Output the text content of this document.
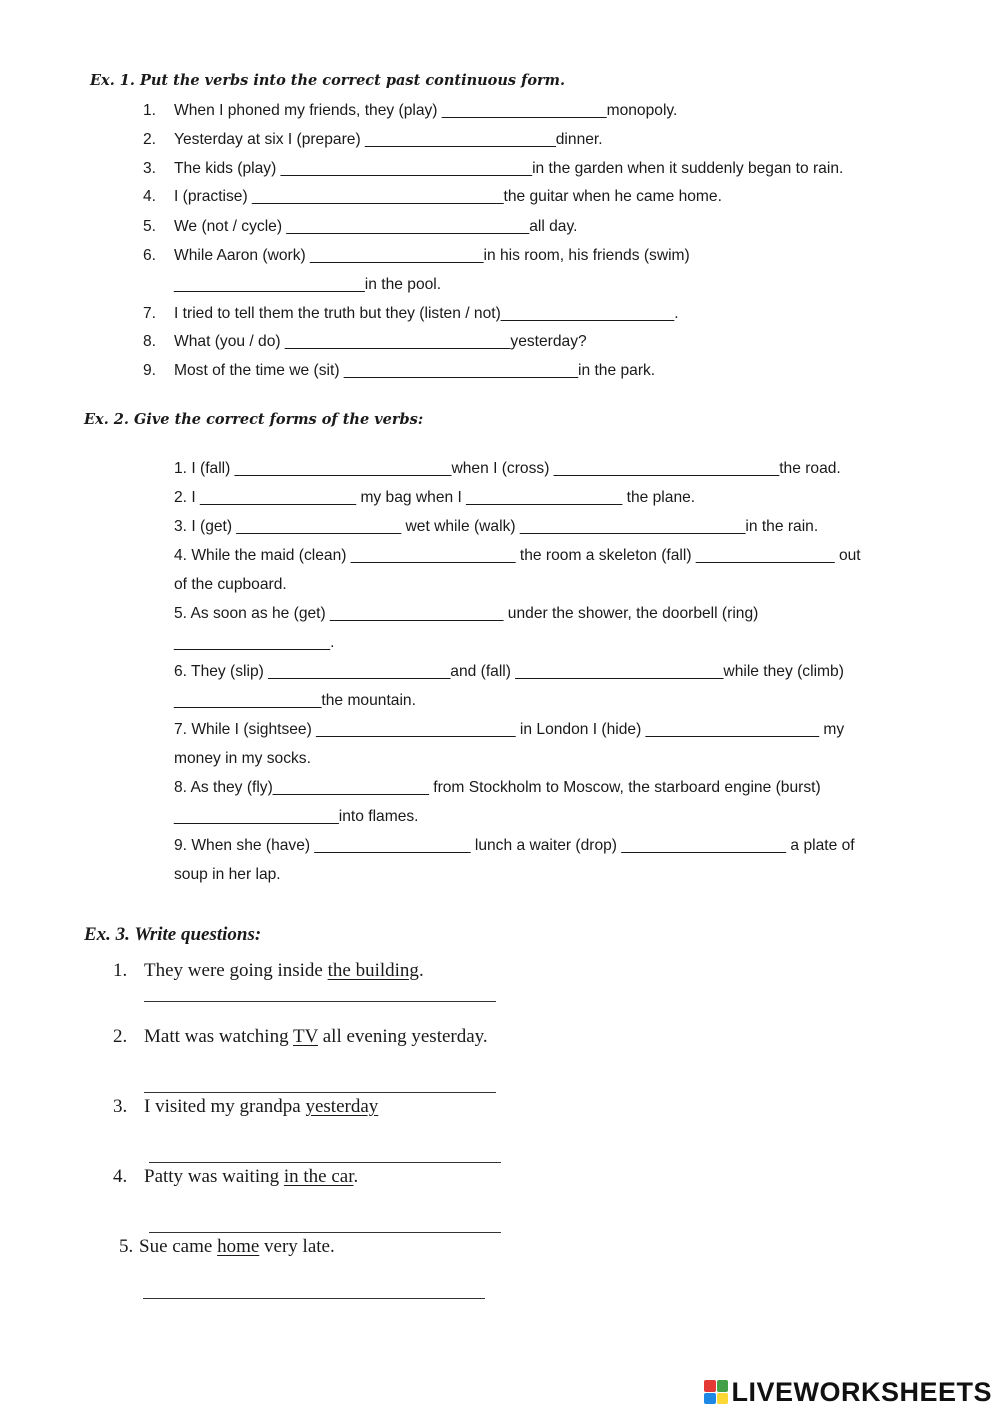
Ex. 1. Put the verbs into the correct past continuous form.
1. When I phoned my friends, they (play) ___________________monopoly.
2. Yesterday at six I (prepare) ______________________dinner.
3. The kids (play) _____________________________in the garden when it suddenly began to rain.
4. I (practise) _____________________________the guitar when he came home.
5. We (not / cycle) ____________________________all day.
6. While Aaron (work) ____________________in his room, his friends (swim)
______________________in the pool.
7. I tried to tell them the truth but they (listen / not)____________________.
8. What (you / do) __________________________yesterday?
9. Most of the time we (sit) ___________________________in the park.
Ex. 2. Give the correct forms of the verbs:
1. I (fall) _________________________when I (cross) __________________________the road.
2. I __________________ my bag when I __________________ the plane.
3. I (get) ___________________ wet while (walk) __________________________in the rain.
4. While the maid (clean) ___________________ the room a skeleton (fall) ________________ out
of the cupboard.
5. As soon as he (get) ____________________ under the shower, the doorbell (ring)
__________________.
6. They (slip) _____________________and (fall) ________________________while they (climb)
_________________the mountain.
7. While I (sightsee) _______________________ in London I (hide) ____________________ my
money in my socks.
8. As they (fly)__________________ from Stockholm to Moscow, the starboard engine (burst)
___________________into flames.
9. When she (have) __________________ lunch a waiter (drop) ___________________ a plate of
soup in her lap.
Ex. 3. Write questions:
1. They were going inside the building.
2. Matt was watching TV all evening yesterday.
3. I visited my grandpa yesterday
4. Patty was waiting in the car.
5. Sue came home very late.
LIVEWORKSHEETS
